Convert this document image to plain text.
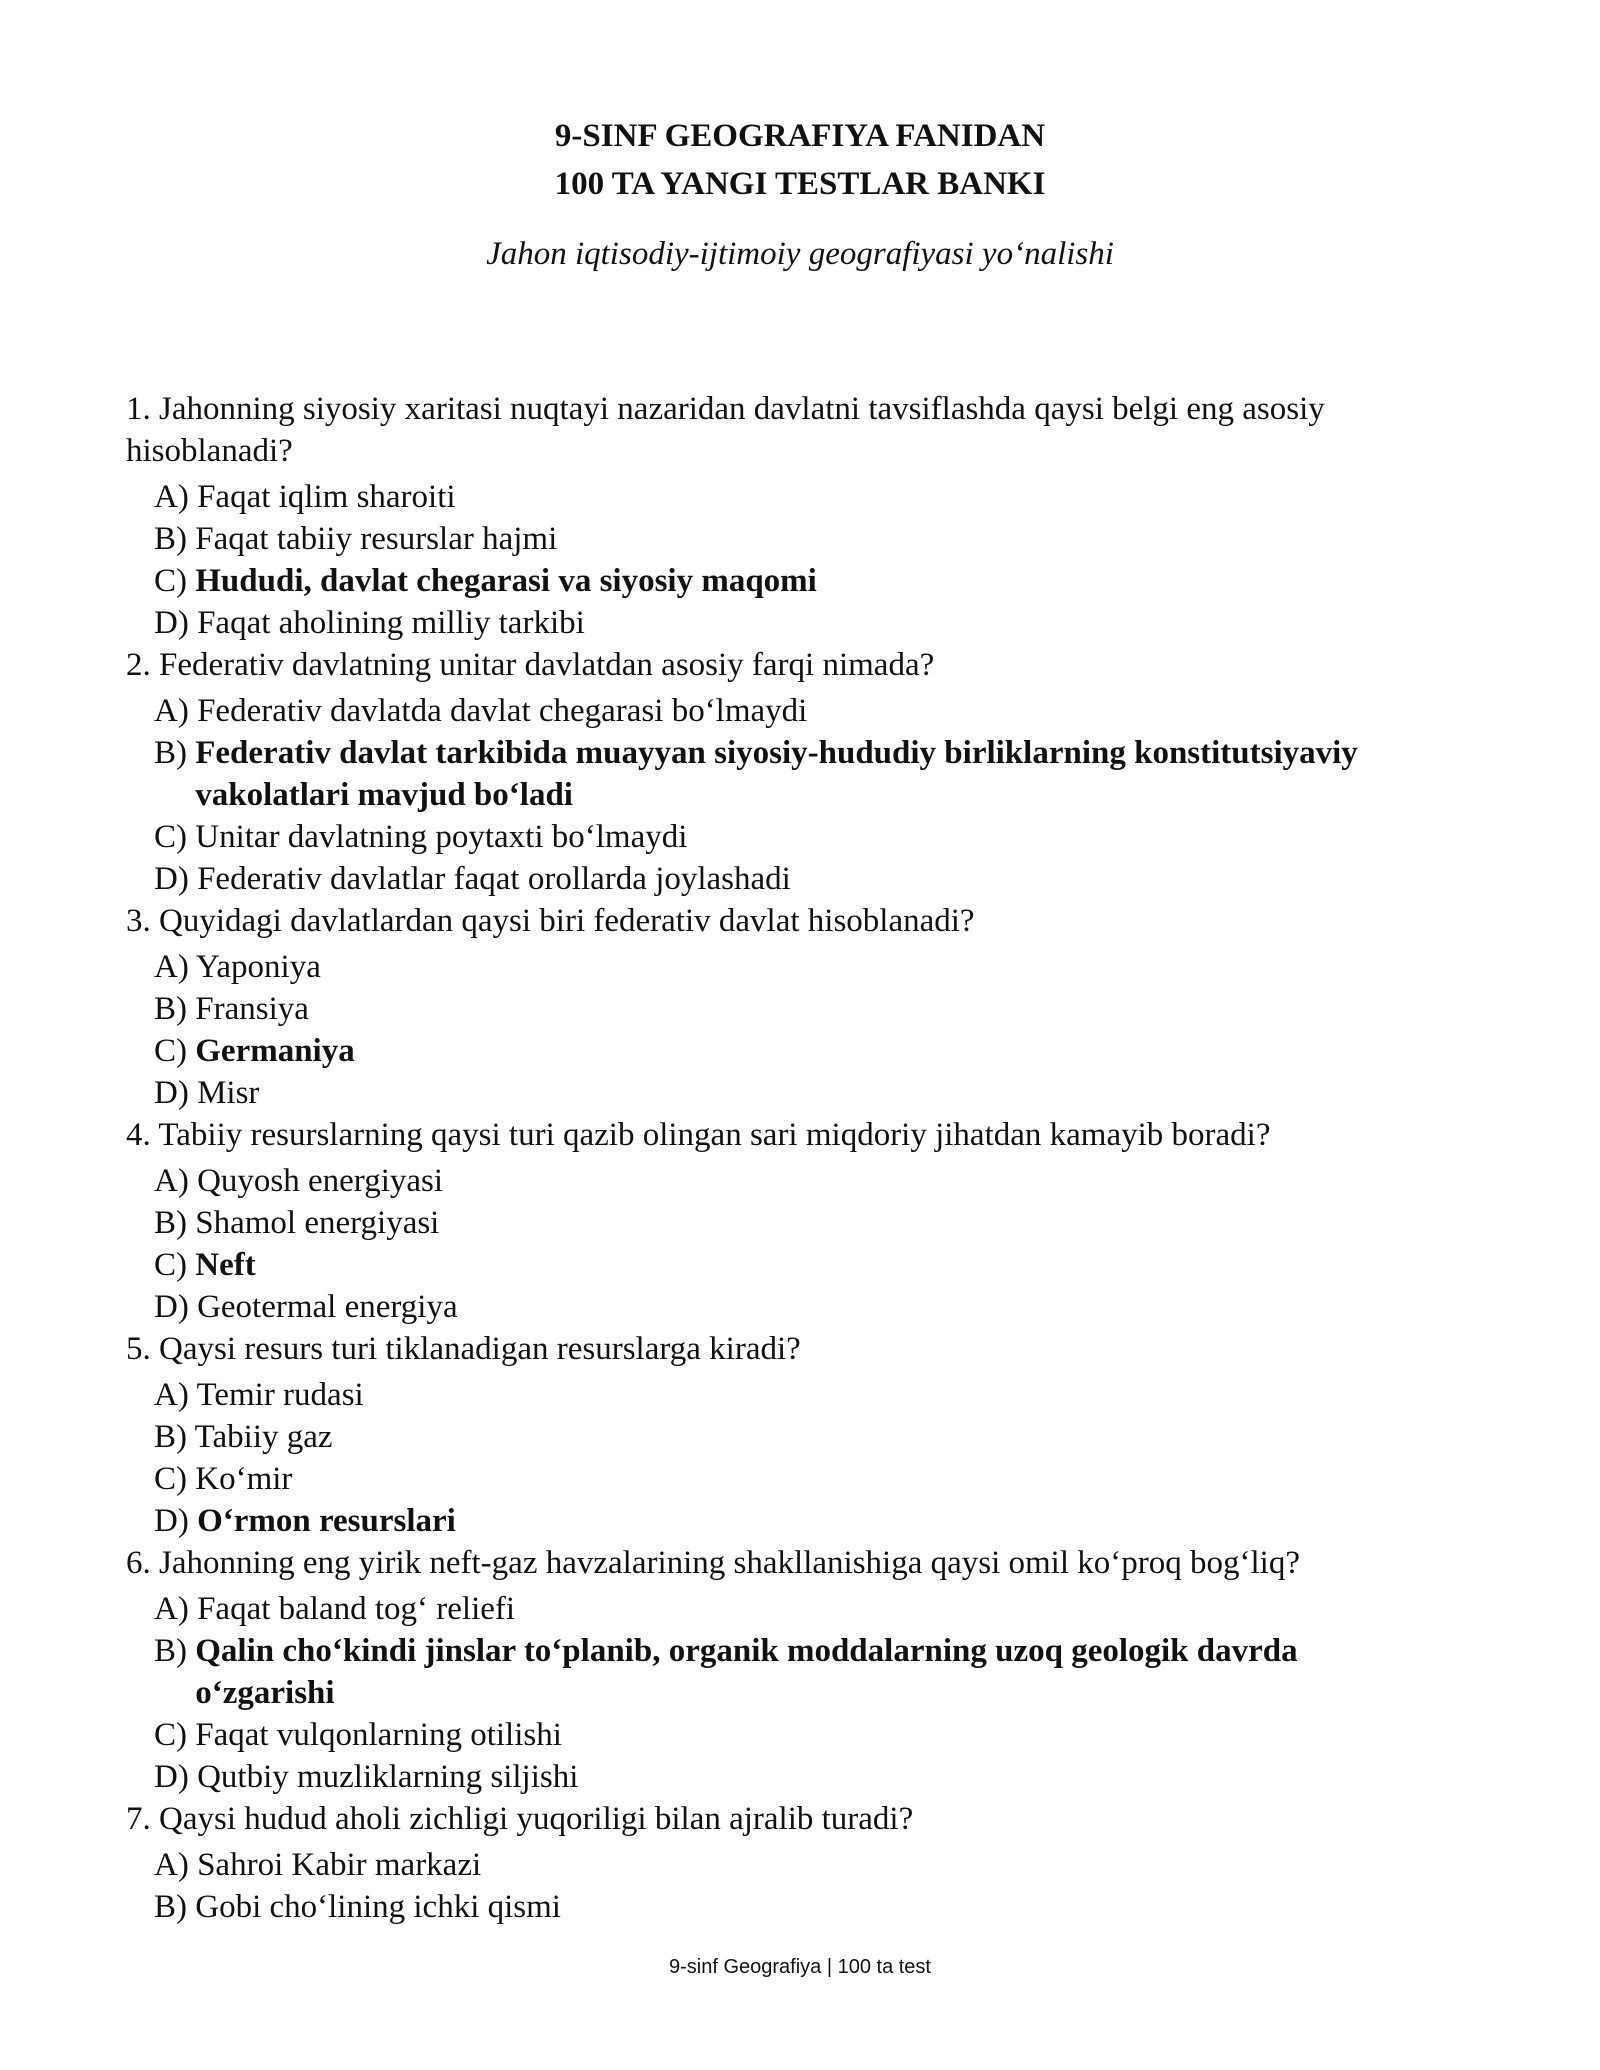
9-SINF GEOGRAFIYA FANIDAN

100 TA YANGI TESTLAR BANKI

Jahon iqtisodiy-ijtimoiy geografiyasi yo‘nalishi

1. Jahonning siyosiy xaritasi nuqtayi nazaridan davlatni tavsiflashda qaysi belgi eng asosiy hisoblanadi?

A) Faqat iqlim sharoiti
B) Faqat tabiiy resurslar hajmi
C) Hududi, davlat chegarasi va siyosiy maqomi
D) Faqat aholining milliy tarkibi

2. Federativ davlatning unitar davlatdan asosiy farqi nimada?

A) Federativ davlatda davlat chegarasi bo‘lmaydi
B) Federativ davlat tarkibida muayyan siyosiy-hududiy birliklarning konstitutsiyaviy vakolatlari mavjud bo‘ladi
C) Unitar davlatning poytaxti bo‘lmaydi
D) Federativ davlatlar faqat orollarda joylashadi

3. Quyidagi davlatlardan qaysi biri federativ davlat hisoblanadi?

A) Yaponiya
B) Fransiya
C) Germaniya
D) Misr

4. Tabiiy resurslarning qaysi turi qazib olingan sari miqdoriy jihatdan kamayib boradi?

A) Quyosh energiyasi
B) Shamol energiyasi
C) Neft
D) Geotermal energiya

5. Qaysi resurs turi tiklanadigan resurslarga kiradi?

A) Temir rudasi
B) Tabiiy gaz
C) Ko‘mir
D) O‘rmon resurslari

6. Jahonning eng yirik neft-gaz havzalarining shakllanishiga qaysi omil ko‘proq bog‘liq?

A) Faqat baland tog‘ reliefi
B) Qalin cho‘kindi jinslar to‘planib, organik moddalarning uzoq geologik davrda o‘zgarishi
C) Faqat vulqonlarning otilishi
D) Qutbiy muzliklarning siljishi

7. Qaysi hudud aholi zichligi yuqoriligi bilan ajralib turadi?

A) Sahroi Kabir markazi
B) Gobi cho‘lining ichki qismi
9-sinf Geografiya | 100 ta test
